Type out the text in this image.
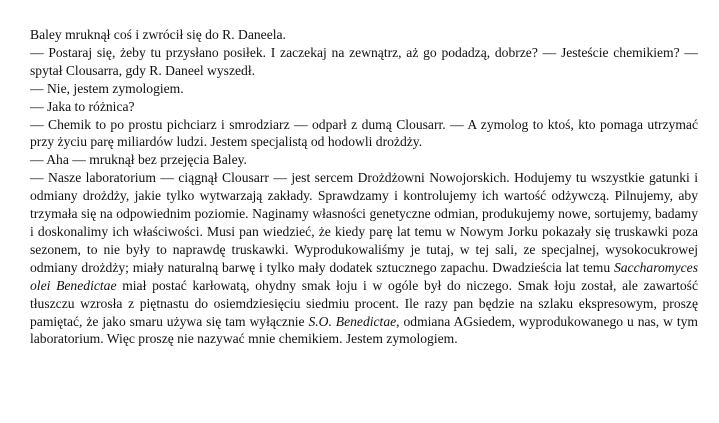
Baley mruknął coś i zwrócił się do R. Daneela.

— Postaraj się, żeby tu przysłano posiłek. I zaczekaj na zewnątrz, aż go podadzą, dobrze? — Jesteście chemikiem? — spytał Clousarra, gdy R. Daneel wyszedł.

— Nie, jestem zymologiem.

— Jaka to różnica?

— Chemik to po prostu pichciarz i smrodziarz — odparł z dumą Clousarr. — A zymolog to ktoś, kto pomaga utrzymać przy życiu parę miliardów ludzi. Jestem specjalistą od hodowli drożdży.

— Aha — mruknął bez przejęcia Baley.

— Nasze laboratorium — ciągnął Clousarr — jest sercem Drożdżowni Nowojorskich. Hodujemy tu wszystkie gatunki i odmiany drożdży, jakie tylko wytwarzają zakłady. Sprawdzamy i kontrolujemy ich wartość odżywczą. Pilnujemy, aby trzymała się na odpowiednim poziomie. Naginamy własności genetyczne odmian, produkujemy nowe, sortujemy, badamy i doskonalimy ich właściwości. Musi pan wiedzieć, że kiedy parę lat temu w Nowym Jorku pokazały się truskawki poza sezonem, to nie były to naprawdę truskawki. Wyprodukowaliśmy je tutaj, w tej sali, ze specjalnej, wysokocukrowej odmiany drożdży; miały naturalną barwę i tylko mały dodatek sztucznego zapachu. Dwadzieścia lat temu Saccharomyces olei Benedictae miał postać karłowatą, ohydny smak łoju i w ogóle był do niczego. Smak łoju został, ale zawartość tłuszczu wzrosła z piętnastu do osiemdziesięciu siedmiu procent. Ile razy pan będzie na szlaku ekspresowym, proszę pamiętać, że jako smaru używa się tam wyłącznie S.O. Benedictae, odmiana AGsiedem, wyprodukowanego u nas, w tym laboratorium. Więc proszę nie nazywać mnie chemikiem. Jestem zymologiem.
